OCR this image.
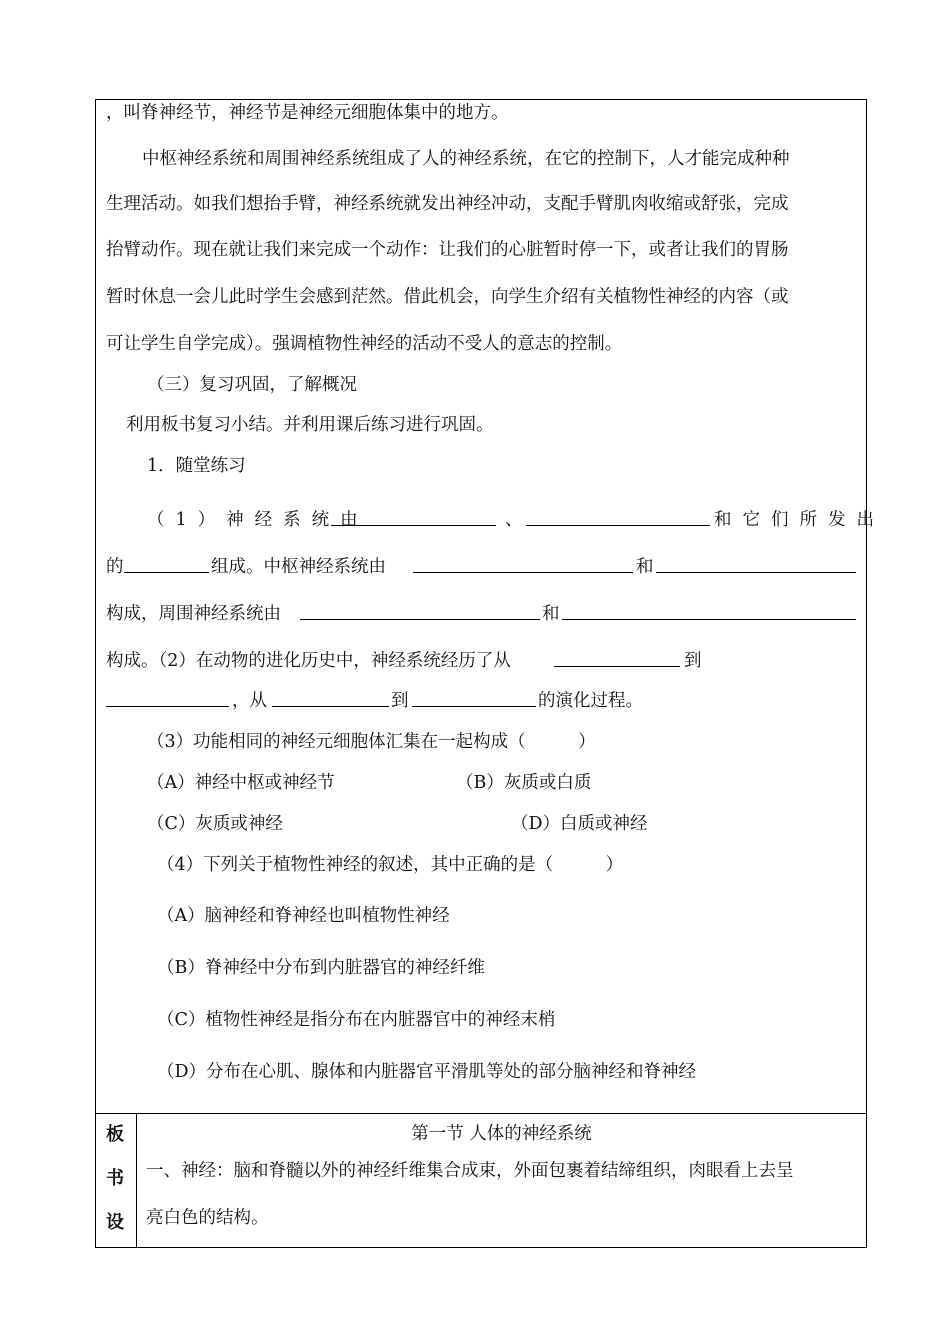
，叫脊神经节，神经节是神经元细胞体集中的地方。
中枢神经系统和周围神经系统组成了人的神经系统，在它的控制下，人才能完成种种
生理活动。如我们想抬手臂，神经系统就发出神经冲动，支配手臂肌肉收缩或舒张，完成
抬臂动作。现在就让我们来完成一个动作：让我们的心脏暂时停一下，或者让我们的胃肠
暂时休息一会儿此时学生会感到茫然。借此机会，向学生介绍有关植物性神经的内容（或
可让学生自学完成）。强调植物性神经的活动不受人的意志的控制。
（三）复习巩固，了解概况
利用板书复习小结。并利用课后练习进行巩固。
1．随堂练习
（1）神经系统由	、	和它们所发出
的	组成。中枢神经系统由	和
构成，周围神经系统由	和
构成。（2）在动物的进化历史中，神经系统经历了从	到
，从	到	的演化过程。
（3）功能相同的神经元细胞体汇集在一起构成（　　　）
（A）神经中枢或神经节	（B）灰质或白质
（C）灰质或神经	（D）白质或神经
（4）下列关于植物性神经的叙述，其中正确的是（　　　）
（A）脑神经和脊神经也叫植物性神经
（B）脊神经中分布到内脏器官的神经纤维
（C）植物性神经是指分布在内脏器官中的神经末梢
（D）分布在心肌、腺体和内脏器官平滑肌等处的部分脑神经和脊神经
板
书
设
第一节 人体的神经系统
一、神经：脑和脊髓以外的神经纤维集合成束，外面包裹着结缔组织，肉眼看上去呈
亮白色的结构。
